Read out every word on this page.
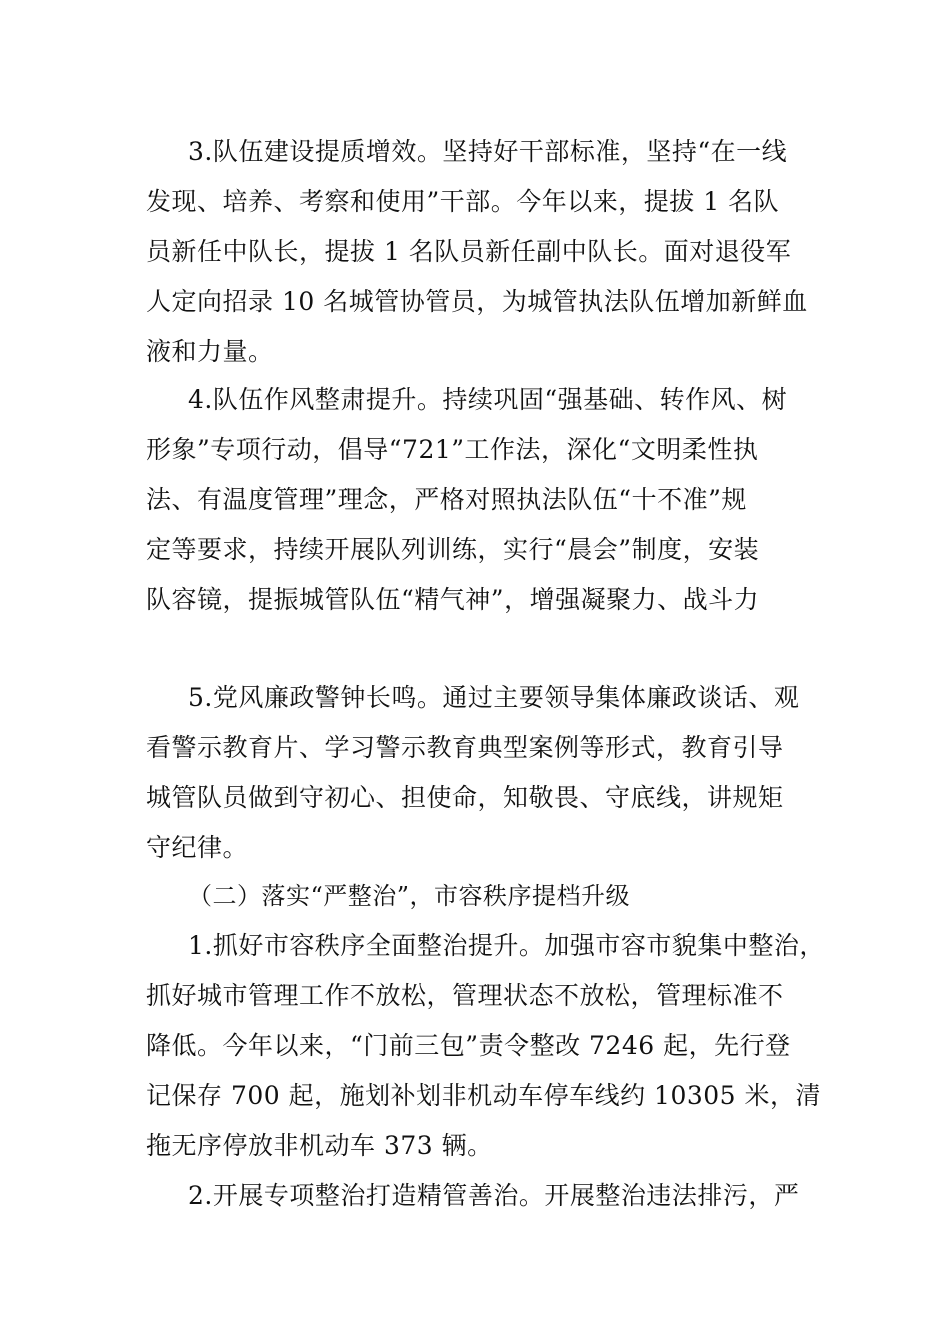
3.队伍建设提质增效。坚持好干部标准，坚持“在一线
发现、培养、考察和使用”干部。今年以来，提拔 1 名队
员新任中队长，提拔 1 名队员新任副中队长。面对退役军
人定向招录 10 名城管协管员，为城管执法队伍增加新鲜血
液和力量。
4.队伍作风整肃提升。持续巩固“强基础、转作风、树
形象”专项行动，倡导“721”工作法，深化“文明柔性执
法、有温度管理”理念，严格对照执法队伍“十不准”规
定等要求，持续开展队列训练，实行“晨会”制度，安装
队容镜，提振城管队伍“精气神”，增强凝聚力、战斗力
5.党风廉政警钟长鸣。通过主要领导集体廉政谈话、观
看警示教育片、学习警示教育典型案例等形式，教育引导
城管队员做到守初心、担使命，知敬畏、守底线，讲规矩
守纪律。
（二）落实“严整治”，市容秩序提档升级
1.抓好市容秩序全面整治提升。加强市容市貌集中整治，
抓好城市管理工作不放松，管理状态不放松，管理标准不
降低。今年以来，“门前三包”责令整改 7246 起，先行登
记保存 700 起，施划补划非机动车停车线约 10305 米，清
拖无序停放非机动车 373 辆。
2.开展专项整治打造精管善治。开展整治违法排污，严
